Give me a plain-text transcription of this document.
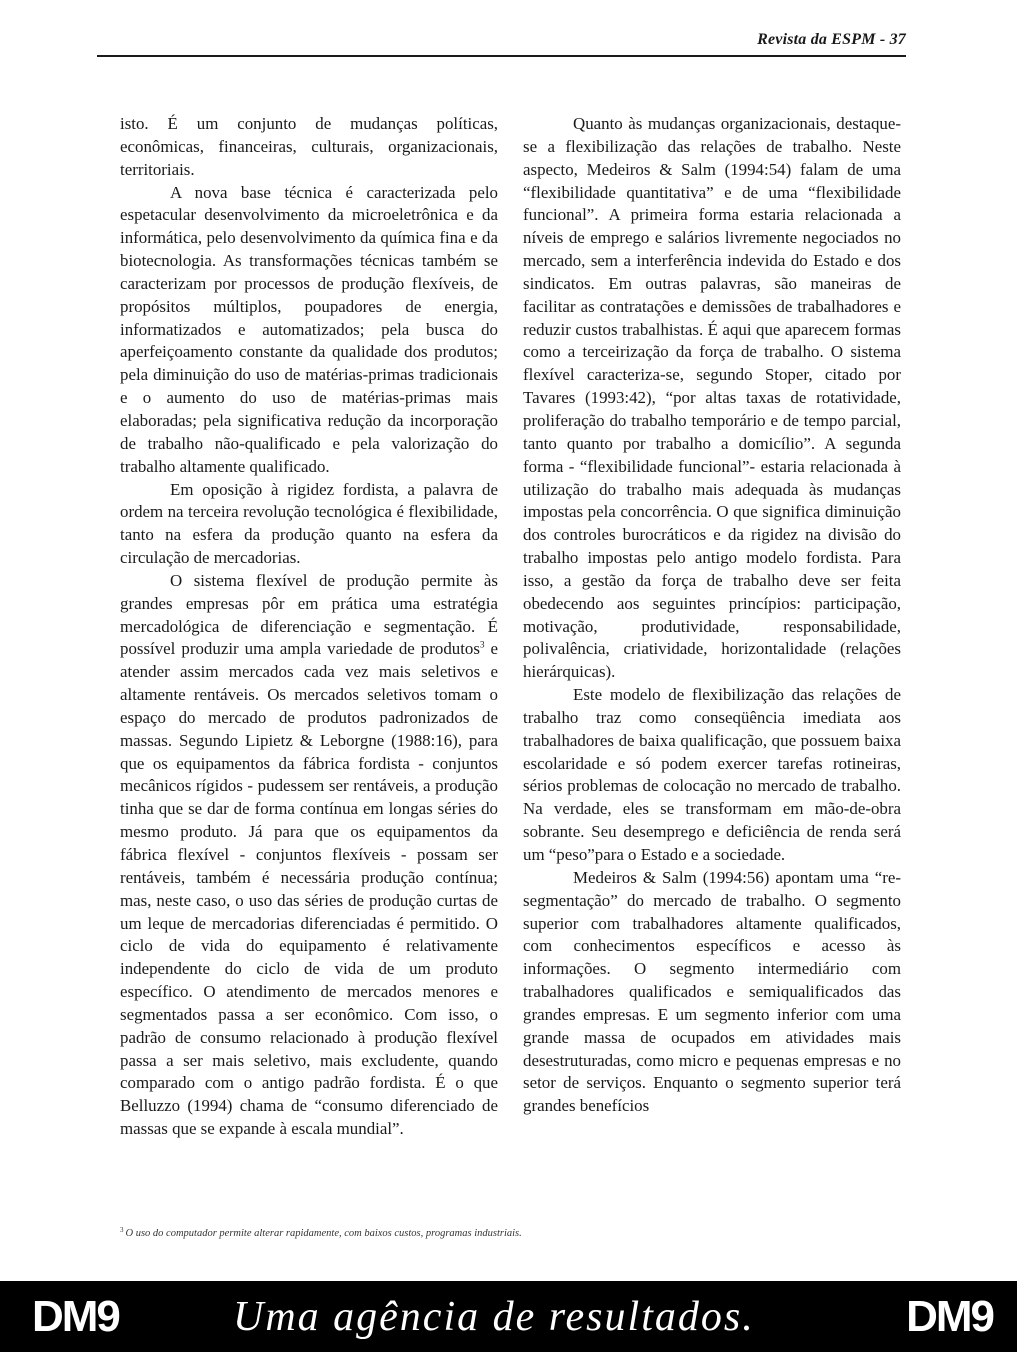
Revista da ESPM - 37

isto. É um conjunto de mudanças políticas, econômicas, financeiras, culturais, organizacionais, territoriais.

A nova base técnica é caracterizada pelo espetacular desenvolvimento da microeletrônica e da informática, pelo desenvolvimento da química fina e da biotecnologia. As transformações técnicas também se caracterizam por processos de produção flexíveis, de propósitos múltiplos, poupadores de energia, informatizados e automatizados; pela busca do aperfeiçoamento constante da qualidade dos produtos; pela diminuição do uso de matérias-primas tradicionais e o aumento do uso de matérias-primas mais elaboradas; pela significativa redução da incorporação de trabalho não-qualificado e pela valorização do trabalho altamente qualificado.

Em oposição à rigidez fordista, a palavra de ordem na terceira revolução tecnológica é flexibilidade, tanto na esfera da produção quanto na esfera da circulação de mercadorias.

O sistema flexível de produção permite às grandes empresas pôr em prática uma estratégia mercadológica de diferenciação e segmentação. É possível produzir uma ampla variedade de produtos$^3$ e atender assim mercados cada vez mais seletivos e altamente rentáveis. Os mercados seletivos tomam o espaço do mercado de produtos padronizados de massas. Segundo Lipietz & Leborgne (1988:16), para que os equipamentos da fábrica fordista - conjuntos mecânicos rígidos - pudessem ser rentáveis, a produção tinha que se dar de forma contínua em longas séries do mesmo produto. Já para que os equipamentos da fábrica flexível - conjuntos flexíveis - possam ser rentáveis, também é necessária produção contínua; mas, neste caso, o uso das séries de produção curtas de um leque de mercadorias diferenciadas é permitido. O ciclo de vida do equipamento é relativamente independente do ciclo de vida de um produto específico. O atendimento de mercados menores e segmentados passa a ser econômico. Com isso, o padrão de consumo relacionado à produção flexível passa a ser mais seletivo, mais excludente, quando comparado com o antigo padrão fordista. É o que Belluzzo (1994) chama de “consumo diferenciado de massas que se expande à escala mundial”.

Quanto às mudanças organizacionais, destaque-se a flexibilização das relações de trabalho. Neste aspecto, Medeiros & Salm (1994:54) falam de uma “flexibilidade quantitativa” e de uma “flexibilidade funcional”. A primeira forma estaria relacionada a níveis de emprego e salários livremente negociados no mercado, sem a interferência indevida do Estado e dos sindicatos. Em outras palavras, são maneiras de facilitar as contratações e demissões de trabalhadores e reduzir custos trabalhistas. É aqui que aparecem formas como a terceirização da força de trabalho. O sistema flexível caracteriza-se, segundo Stoper, citado por Tavares (1993:42), “por altas taxas de rotatividade, proliferação do trabalho temporário e de tempo parcial, tanto quanto por trabalho a domicílio”. A segunda forma - “flexibilidade funcional”- estaria relacionada à utilização do trabalho mais adequada às mudanças impostas pela concorrência. O que significa diminuição dos controles burocráticos e da rigidez na divisão do trabalho impostas pelo antigo modelo fordista. Para isso, a gestão da força de trabalho deve ser feita obedecendo aos seguintes princípios: participação, motivação, produtividade, responsabilidade, polivalência, criatividade, horizontalidade (relações hierárquicas).

Este modelo de flexibilização das relações de trabalho traz como conseqüência imediata aos trabalhadores de baixa qualificação, que possuem baixa escolaridade e só podem exercer tarefas rotineiras, sérios problemas de colocação no mercado de trabalho. Na verdade, eles se transformam em mão-de-obra sobrante. Seu desemprego e deficiência de renda será um “peso”para o Estado e a sociedade.

Medeiros & Salm (1994:56) apontam uma “re-segmentação” do mercado de trabalho. O segmento superior com trabalhadores altamente qualificados, com conhecimentos específicos e acesso às informações. O segmento intermediário com trabalhadores qualificados e semiqualificados das grandes empresas. E um segmento inferior com uma grande massa de ocupados em atividades mais desestruturadas, como micro e pequenas empresas e no setor de serviços. Enquanto o segmento superior terá grandes benefícios

$^3$ O uso do computador permite alterar rapidamente, com baixos custos, programas industriais.
DM9	Uma agência de resultados.	DM9
